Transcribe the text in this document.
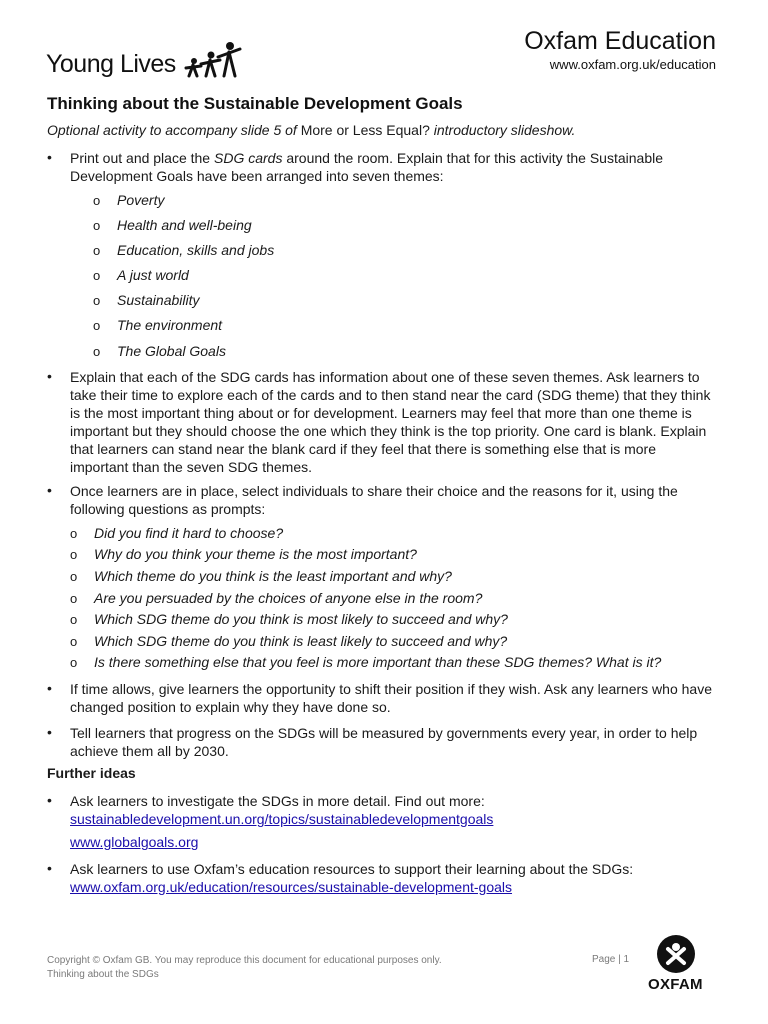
Young Lives
Oxfam Education
www.oxfam.org.uk/education
Thinking about the Sustainable Development Goals
Optional activity to accompany slide 5 of More or Less Equal? introductory slideshow.
• Print out and place the SDG cards around the room. Explain that for this activity the Sustainable Development Goals have been arranged into seven themes:
o Poverty
o Health and well-being
o Education, skills and jobs
o A just world
o Sustainability
o The environment
o The Global Goals
• Explain that each of the SDG cards has information about one of these seven themes. Ask learners to take their time to explore each of the cards and to then stand near the card (SDG theme) that they think is the most important thing about or for development. Learners may feel that more than one theme is important but they should choose the one which they think is the top priority. One card is blank. Explain that learners can stand near the blank card if they feel that there is something else that is more important than the seven SDG themes.
• Once learners are in place, select individuals to share their choice and the reasons for it, using the following questions as prompts:
o Did you find it hard to choose?
o Why do you think your theme is the most important?
o Which theme do you think is the least important and why?
o Are you persuaded by the choices of anyone else in the room?
o Which SDG theme do you think is most likely to succeed and why?
o Which SDG theme do you think is least likely to succeed and why?
o Is there something else that you feel is more important than these SDG themes? What is it?
• If time allows, give learners the opportunity to shift their position if they wish. Ask any learners who have changed position to explain why they have done so.
• Tell learners that progress on the SDGs will be measured by governments every year, in order to help achieve them all by 2030.
Further ideas
• Ask learners to investigate the SDGs in more detail. Find out more:
sustainabledevelopment.un.org/topics/sustainabledevelopmentgoals
www.globalgoals.org
• Ask learners to use Oxfam’s education resources to support their learning about the SDGs:
www.oxfam.org.uk/education/resources/sustainable-development-goals
Copyright © Oxfam GB. You may reproduce this document for educational purposes only.
Thinking about the SDGs
Page | 1
OXFAM
